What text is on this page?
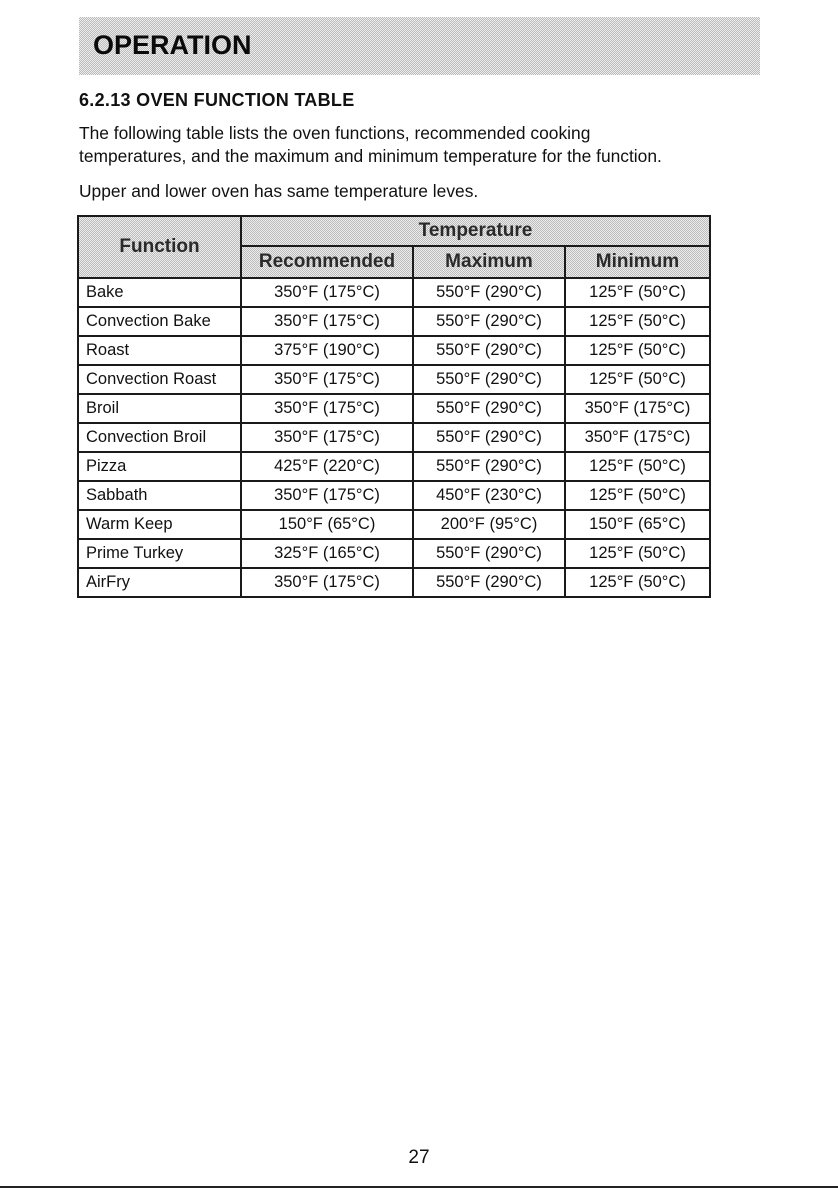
OPERATION
6.2.13 OVEN FUNCTION TABLE

The following table lists the oven functions, recommended cooking
temperatures, and the maximum and minimum temperature for the function.

Upper and lower oven has same temperature leves.

Function	Temperature		
	Recommended	Maximum	Minimum
Bake	350°F (175°C)	550°F (290°C)	125°F (50°C)
Convection Bake	350°F (175°C)	550°F (290°C)	125°F (50°C)
Roast	375°F (190°C)	550°F (290°C)	125°F (50°C)
Convection Roast	350°F (175°C)	550°F (290°C)	125°F (50°C)
Broil	350°F (175°C)	550°F (290°C)	350°F (175°C)
Convection Broil	350°F (175°C)	550°F (290°C)	350°F (175°C)
Pizza	425°F (220°C)	550°F (290°C)	125°F (50°C)
Sabbath	350°F (175°C)	450°F (230°C)	125°F (50°C)
Warm Keep	150°F (65°C)	200°F (95°C)	150°F (65°C)
Prime Turkey	325°F (165°C)	550°F (290°C)	125°F (50°C)
AirFry	350°F (175°C)	550°F (290°C)	125°F (50°C)
27
